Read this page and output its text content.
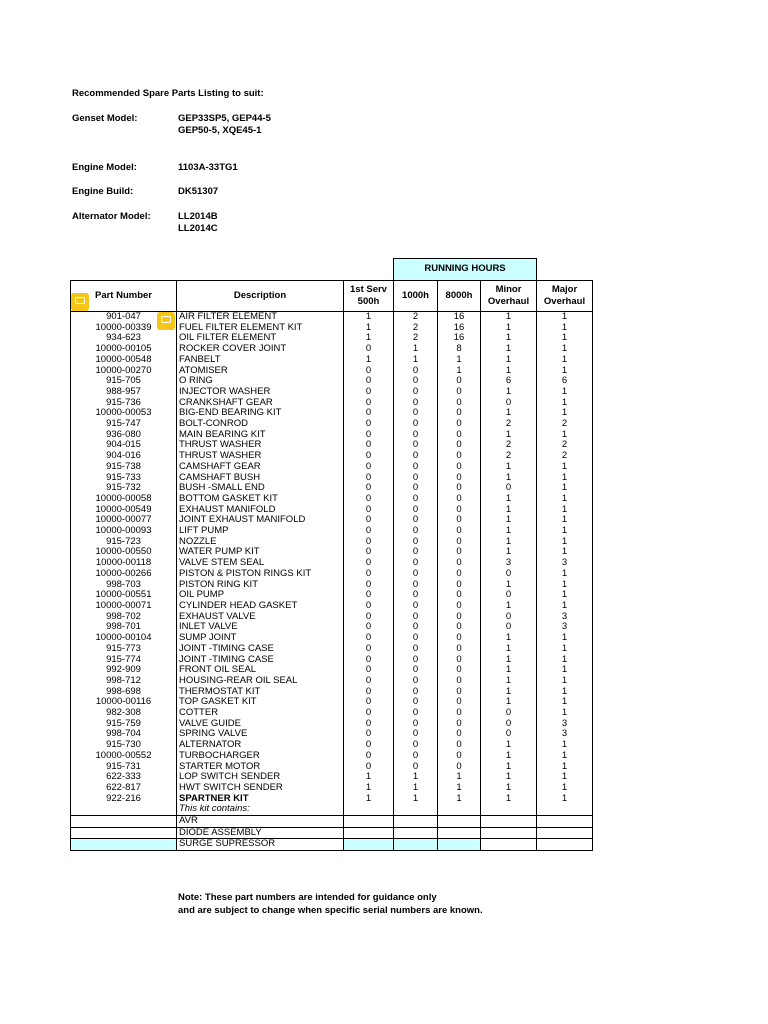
Recommended Spare Parts Listing to suit:
Genset Model:	GEP33SP5, GEP44-5
GEP50-5, XQE45-1
Engine Model:	1103A-33TG1
Engine Build:	DK51307
Alternator Model:	LL2014B
LL2014C
			RUNNING HOURS			
Part Number	Description	1st Serv
500h	1000h	8000h	Minor
Overhaul	Major
Overhaul
901-047	AIR FILTER ELEMENT	1	2	16	1	1
10000-00339	FUEL FILTER ELEMENT KIT	1	2	16	1	1
934-623	OIL FILTER ELEMENT	1	2	16	1	1
10000-00105	ROCKER COVER JOINT	0	1	8	1	1
10000-00548	FANBELT	1	1	1	1	1
10000-00270	ATOMISER	0	0	1	1	1
915-705	O RING	0	0	0	6	6
988-957	INJECTOR WASHER	0	0	0	1	1
915-736	CRANKSHAFT GEAR	0	0	0	0	1
10000-00053	BIG-END BEARING KIT	0	0	0	1	1
915-747	BOLT-CONROD	0	0	0	2	2
936-080	MAIN BEARING KIT	0	0	0	1	1
904-015	THRUST WASHER	0	0	0	2	2
904-016	THRUST WASHER	0	0	0	2	2
915-738	CAMSHAFT GEAR	0	0	0	1	1
915-733	CAMSHAFT BUSH	0	0	0	1	1
915-732	BUSH -SMALL END	0	0	0	0	1
10000-00058	BOTTOM GASKET KIT	0	0	0	1	1
10000-00549	EXHAUST MANIFOLD	0	0	0	1	1
10000-00077	JOINT EXHAUST MANIFOLD	0	0	0	1	1
10000-00093	LIFT PUMP	0	0	0	1	1
915-723	NOZZLE	0	0	0	1	1
10000-00550	WATER PUMP KIT	0	0	0	1	1
10000-00118	VALVE STEM SEAL	0	0	0	3	3
10000-00266	PISTON & PISTON RINGS KIT	0	0	0	0	1
998-703	PISTON RING KIT	0	0	0	1	1
10000-00551	OIL PUMP	0	0	0	0	1
10000-00071	CYLINDER HEAD GASKET	0	0	0	1	1
998-702	EXHAUST VALVE	0	0	0	0	3
998-701	INLET VALVE	0	0	0	0	3
10000-00104	SUMP JOINT	0	0	0	1	1
915-773	JOINT -TIMING CASE	0	0	0	1	1
915-774	JOINT -TIMING CASE	0	0	0	1	1
992-909	FRONT OIL SEAL	0	0	0	1	1
998-712	HOUSING-REAR OIL SEAL	0	0	0	1	1
998-698	THERMOSTAT KIT	0	0	0	1	1
10000-00116	TOP GASKET KIT	0	0	0	1	1
982-308	COTTER	0	0	0	0	1
915-759	VALVE GUIDE	0	0	0	0	3
998-704	SPRING VALVE	0	0	0	0	3
915-730	ALTERNATOR	0	0	0	1	1
10000-00552	TURBOCHARGER	0	0	0	1	1
915-731	STARTER MOTOR	0	0	0	1	1
622-333	LOP SWITCH SENDER	1	1	1	1	1
622-817	HWT SWITCH SENDER	1	1	1	1	1
922-216	SPARTNER KIT	1	1	1	1	1
	This kit contains:					
	AVR					
	DIODE ASSEMBLY					
	SURGE SUPRESSOR					
Note: These part numbers are intended for guidance only
and are subject to change when specific serial numbers are known.
